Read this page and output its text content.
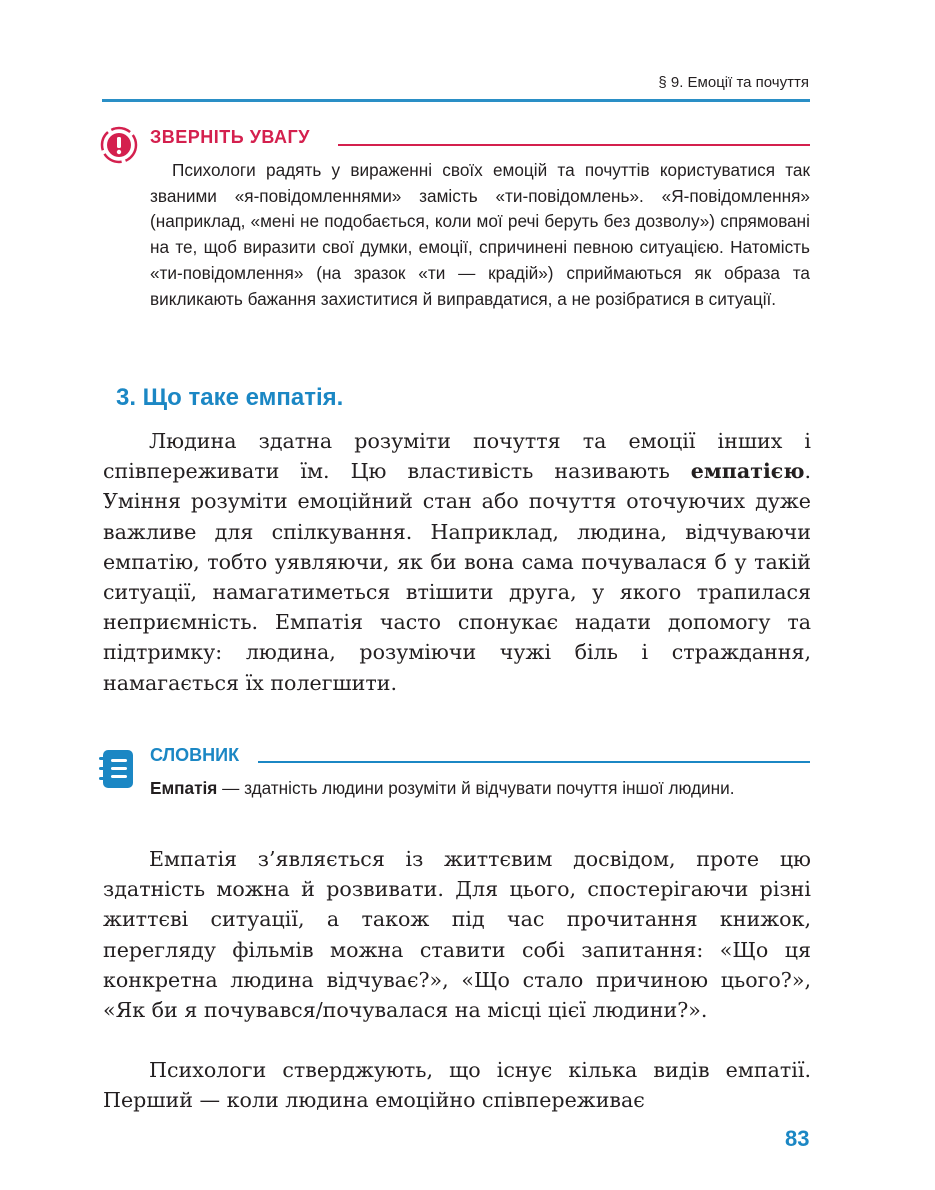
§ 9. Емоції та почуття
ЗВЕРНІТЬ УВАГУ

Психологи радять у вираженні своїх емоцій та почуттів користуватися так званими «я-повідомленнями» замість «ти-повідомлень». «Я-повідомлення» (наприклад, «мені не подобається, коли мої речі беруть без дозволу») спрямовані на те, щоб виразити свої думки, емоції, спричинені певною ситуацією. Натомість «ти-повідомлення» (на зразок «ти — крадій») сприймаються як образа та викликають бажання захиститися й виправдатися, а не розібратися в ситуації.

3. Що таке емпатія.

Людина здатна розуміти почуття та емоції інших і співпереживати їм. Цю властивість називають емпатією. Уміння розуміти емоційний стан або почуття оточуючих дуже важливе для спілкування. Наприклад, людина, відчуваючи емпатію, тобто уявляючи, як би вона сама почувалася б у такій ситуації, намагатиметься втішити друга, у якого трапилася неприємність. Емпатія часто спонукає надати допомогу та підтримку: людина, розуміючи чужі біль і страждання, намагається їх полегшити.

СЛОВНИК

Емпатія — здатність людини розуміти й відчувати почуття іншої людини.

Емпатія з’являється із життєвим досвідом, проте цю здатність можна й розвивати. Для цього, спостерігаючи різні життєві ситуації, а також під час прочитання книжок, перегляду фільмів можна ставити собі запитання: «Що ця конкретна людина відчуває?», «Що стало причиною цього?», «Як би я почувався/почувалася на місці цієї людини?».

Психологи стверджують, що існує кілька видів емпатії. Перший — коли людина емоційно співпереживає

83
